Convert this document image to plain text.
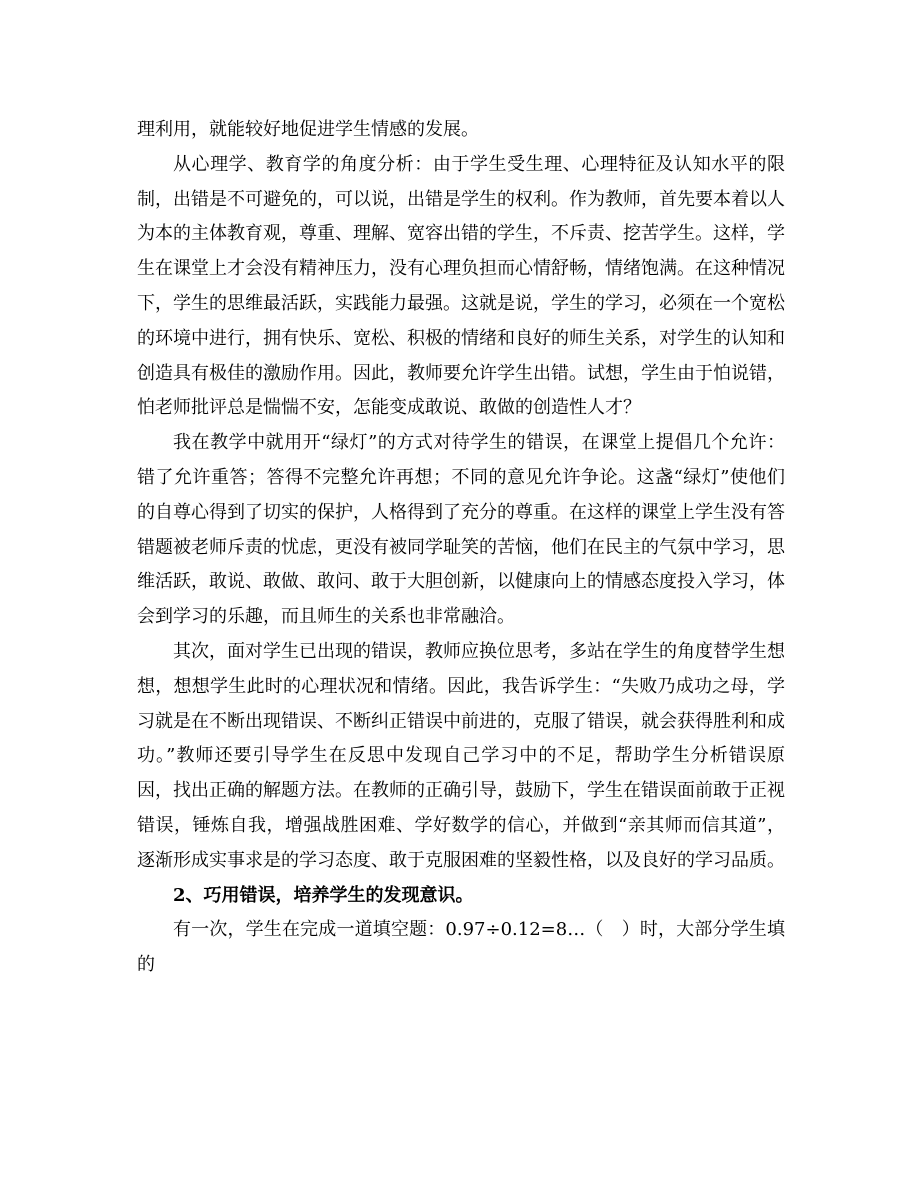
理利用，就能较好地促进学生情感的发展。

从心理学、教育学的角度分析：由于学生受生理、心理特征及认知水平的限制，出错是不可避免的，可以说，出错是学生的权利。作为教师，首先要本着以人为本的主体教育观，尊重、理解、宽容出错的学生，不斥责、挖苦学生。这样，学生在课堂上才会没有精神压力，没有心理负担而心情舒畅，情绪饱满。在这种情况下，学生的思维最活跃，实践能力最强。这就是说，学生的学习，必须在一个宽松的环境中进行，拥有快乐、宽松、积极的情绪和良好的师生关系，对学生的认知和创造具有极佳的激励作用。因此，教师要允许学生出错。试想，学生由于怕说错，怕老师批评总是惴惴不安，怎能变成敢说、敢做的创造性人才？

我在教学中就用开“绿灯”的方式对待学生的错误，在课堂上提倡几个允许：错了允许重答；答得不完整允许再想；不同的意见允许争论。这盏“绿灯”使他们的自尊心得到了切实的保护，人格得到了充分的尊重。在这样的课堂上学生没有答错题被老师斥责的忧虑，更没有被同学耻笑的苦恼，他们在民主的气氛中学习，思维活跃，敢说、敢做、敢问、敢于大胆创新，以健康向上的情感态度投入学习，体会到学习的乐趣，而且师生的关系也非常融洽。

其次，面对学生已出现的错误，教师应换位思考，多站在学生的角度替学生想想，想想学生此时的心理状况和情绪。因此，我告诉学生：“失败乃成功之母，学习就是在不断出现错误、不断纠正错误中前进的，克服了错误，就会获得胜利和成功。”教师还要引导学生在反思中发现自己学习中的不足，帮助学生分析错误原因，找出正确的解题方法。在教师的正确引导，鼓励下，学生在错误面前敢于正视错误，锤炼自我，增强战胜困难、学好数学的信心，并做到“亲其师而信其道”，逐渐形成实事求是的学习态度、敢于克服困难的坚毅性格，以及良好的学习品质。

2、巧用错误，培养学生的发现意识。

有一次，学生在完成一道填空题：0.97÷0.12=8…（　）时，大部分学生填的
